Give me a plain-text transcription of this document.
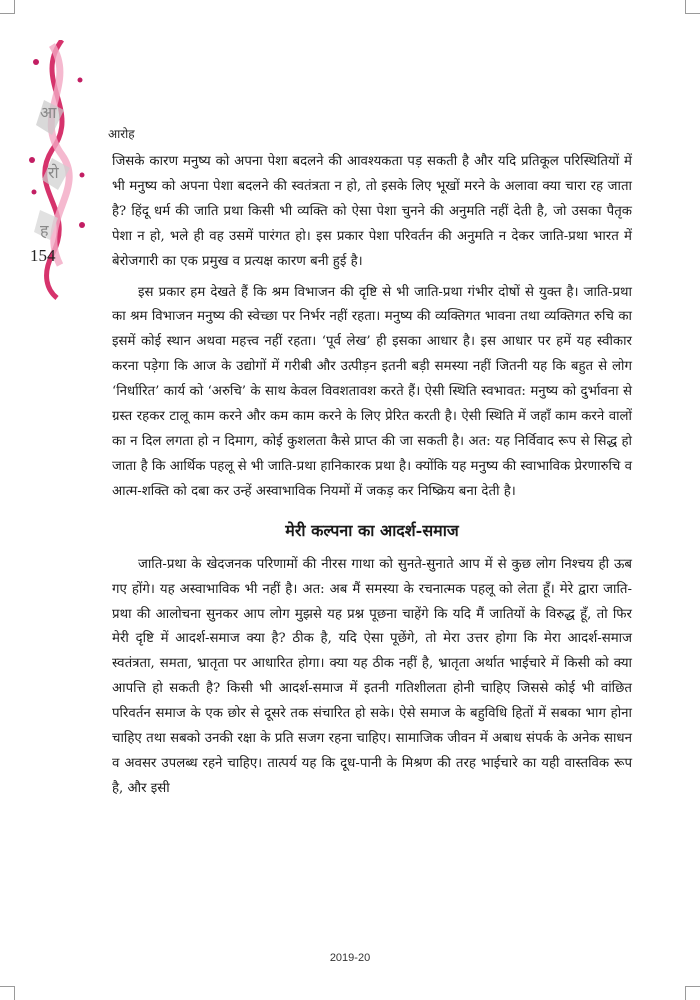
आ
रो
ह
आरोह
154

जिसके कारण मनुष्य को अपना पेशा बदलने की आवश्यकता पड़ सकती है और यदि प्रतिकूल परिस्थितियों में भी मनुष्य को अपना पेशा बदलने की स्वतंत्रता न हो, तो इसके लिए भूखों मरने के अलावा क्या चारा रह जाता है? हिंदू धर्म की जाति प्रथा किसी भी व्यक्ति को ऐसा पेशा चुनने की अनुमति नहीं देती है, जो उसका पैतृक पेशा न हो, भले ही वह उसमें पारंगत हो। इस प्रकार पेशा परिवर्तन की अनुमति न देकर जाति-प्रथा भारत में बेरोजगारी का एक प्रमुख व प्रत्यक्ष कारण बनी हुई है।

इस प्रकार हम देखते हैं कि श्रम विभाजन की दृष्टि से भी जाति-प्रथा गंभीर दोषों से युक्त है। जाति-प्रथा का श्रम विभाजन मनुष्य की स्वेच्छा पर निर्भर नहीं रहता। मनुष्य की व्यक्तिगत भावना तथा व्यक्तिगत रुचि का इसमें कोई स्थान अथवा महत्त्व नहीं रहता। ‘पूर्व लेख’ ही इसका आधार है। इस आधार पर हमें यह स्वीकार करना पड़ेगा कि आज के उद्योगों में गरीबी और उत्पीड़न इतनी बड़ी समस्या नहीं जितनी यह कि बहुत से लोग ‘निर्धारित’ कार्य को ‘अरुचि’ के साथ केवल विवशतावश करते हैं। ऐसी स्थिति स्वभावत: मनुष्य को दुर्भावना से ग्रस्त रहकर टालू काम करने और कम काम करने के लिए प्रेरित करती है। ऐसी स्थिति में जहाँ काम करने वालों का न दिल लगता हो न दिमाग, कोई कुशलता कैसे प्राप्त की जा सकती है। अत: यह निर्विवाद रूप से सिद्ध हो जाता है कि आर्थिक पहलू से भी जाति-प्रथा हानिकारक प्रथा है। क्योंकि यह मनुष्य की स्वाभाविक प्रेरणारुचि व आत्म-शक्ति को दबा कर उन्हें अस्वाभाविक नियमों में जकड़ कर निष्क्रिय बना देती है।

मेरी कल्पना का आदर्श-समाज

जाति-प्रथा के खेदजनक परिणामों की नीरस गाथा को सुनते-सुनाते आप में से कुछ लोग निश्चय ही ऊब गए होंगे। यह अस्वाभाविक भी नहीं है। अत: अब मैं समस्या के रचनात्मक पहलू को लेता हूँ। मेरे द्वारा जाति-प्रथा की आलोचना सुनकर आप लोग मुझसे यह प्रश्न पूछना चाहेंगे कि यदि मैं जातियों के विरुद्ध हूँ, तो फिर मेरी दृष्टि में आदर्श-समाज क्या है? ठीक है, यदि ऐसा पूछेंगे, तो मेरा उत्तर होगा कि मेरा आदर्श-समाज स्वतंत्रता, समता, भ्रातृता पर आधारित होगा। क्या यह ठीक नहीं है, भ्रातृता अर्थात भाईचारे में किसी को क्या आपत्ति हो सकती है? किसी भी आदर्श-समाज में इतनी गतिशीलता होनी चाहिए जिससे कोई भी वांछित परिवर्तन समाज के एक छोर से दूसरे तक संचारित हो सके। ऐसे समाज के बहुविधि हितों में सबका भाग होना चाहिए तथा सबको उनकी रक्षा के प्रति सजग रहना चाहिए। सामाजिक जीवन में अबाध संपर्क के अनेक साधन व अवसर उपलब्ध रहने चाहिए। तात्पर्य यह कि दूध-पानी के मिश्रण की तरह भाईचारे का यही वास्तविक रूप है, और इसी

2019-20
